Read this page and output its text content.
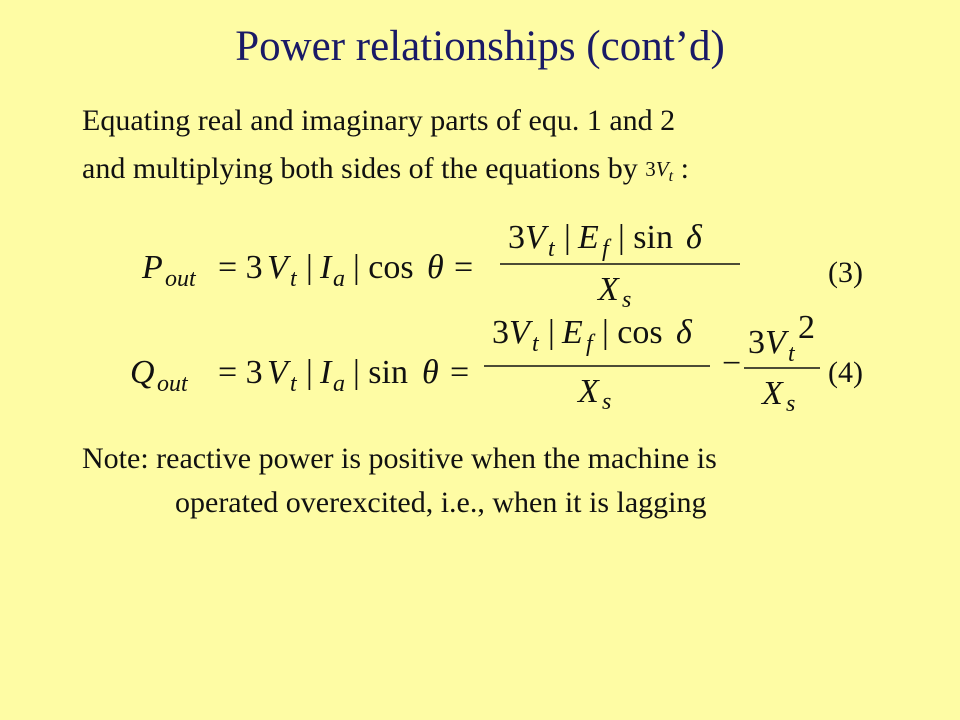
Power relationships (cont’d)
Equating real and imaginary parts of equ. 1 and 2
and multiplying both sides of the equations by $3V_t$ :
P out = 3 V t | I a | cos θ =
3 V t | E f | sin δ
X s
(3)
Q out = 3 V t | I a | sin θ =
3 V t | E f | cos δ
X s
−
3 V t
2
X s
(4)
Note: reactive power is positive when the machine is
operated overexcited, i.e., when it is lagging
